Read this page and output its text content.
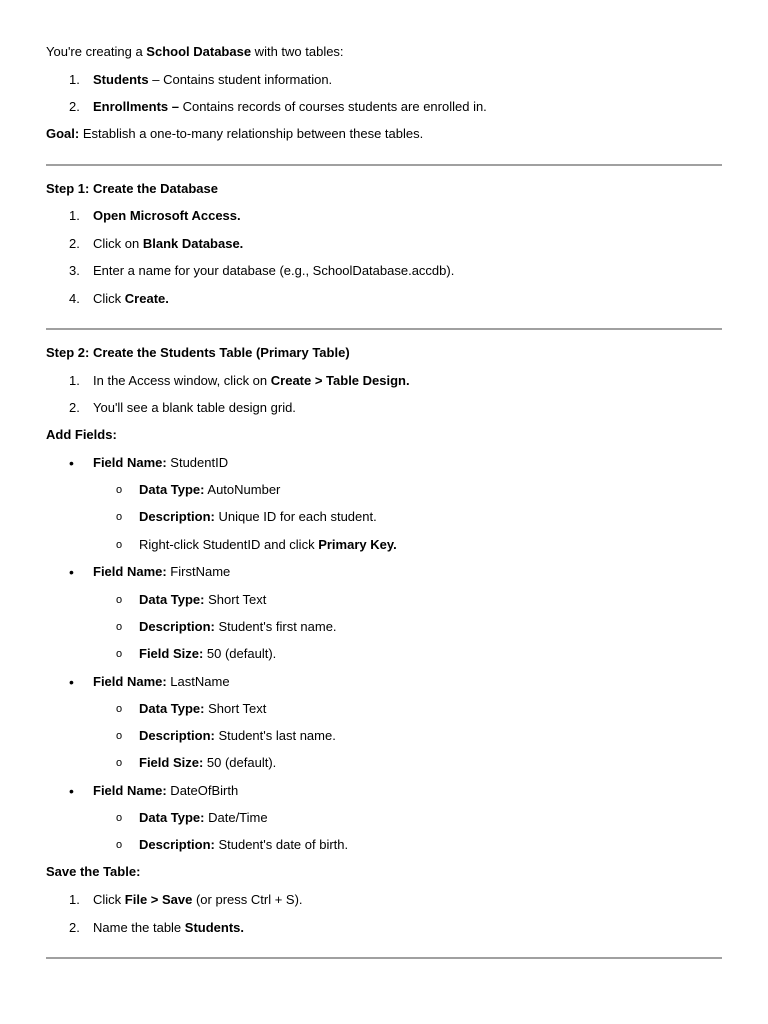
You're creating a School Database with two tables:
1. Students – Contains student information.
2. Enrollments – Contains records of courses students are enrolled in.
Goal: Establish a one-to-many relationship between these tables.
Step 1: Create the Database
1. Open Microsoft Access.
2. Click on Blank Database.
3. Enter a name for your database (e.g., SchoolDatabase.accdb).
4. Click Create.
Step 2: Create the Students Table (Primary Table)
1. In the Access window, click on Create > Table Design.
2. You'll see a blank table design grid.
Add Fields:
• Field Name: StudentID
o Data Type: AutoNumber
o Description: Unique ID for each student.
o Right-click StudentID and click Primary Key.
• Field Name: FirstName
o Data Type: Short Text
o Description: Student's first name.
o Field Size: 50 (default).
• Field Name: LastName
o Data Type: Short Text
o Description: Student's last name.
o Field Size: 50 (default).
• Field Name: DateOfBirth
o Data Type: Date/Time
o Description: Student's date of birth.
Save the Table:
1. Click File > Save (or press Ctrl + S).
2. Name the table Students.
